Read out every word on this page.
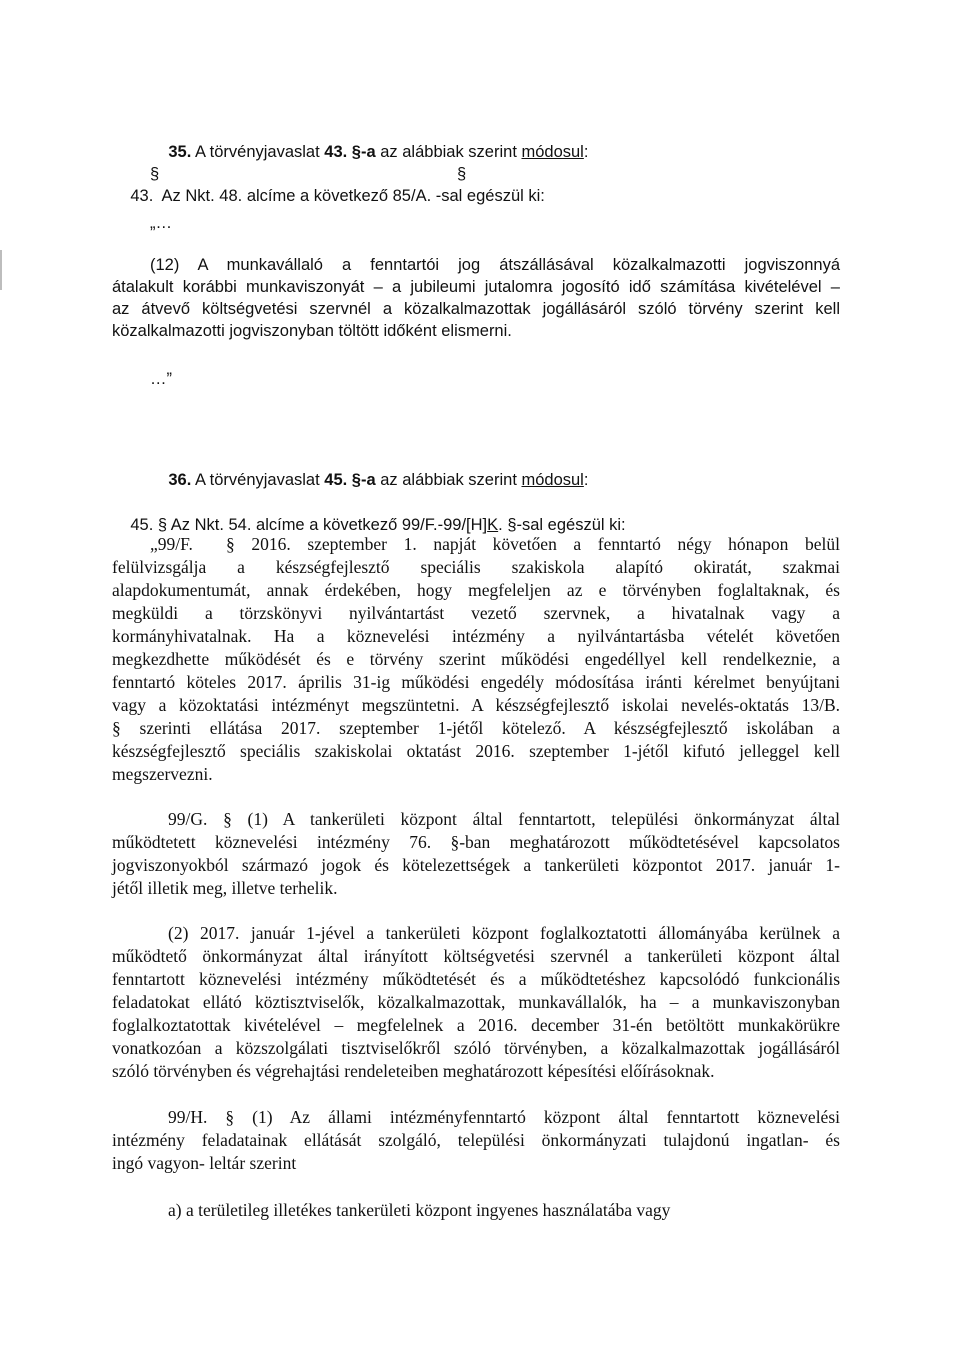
35. A törvényjavaslat 43. §-a az alábbiak szerint módosul:

43.  Az Nkt. 48. alcíme a következő 85/A. -sal egészül ki:

§	§
„…
(12) A munkavállaló a fenntartói jog átszállásával közalkalmazotti jogviszonnyá
átalakult korábbi munkaviszonyát – a jubileumi jutalomra jogosító idő számítása kivételével –
az átvevő költségvetési szervnél a közalkalmazottak jogállásáról szóló törvény szerint kell
közalkalmazotti jogviszonyban töltött időként elismerni.
…”

36. A törvényjavaslat 45. §-a az alábbiak szerint módosul:

45. § Az Nkt. 54. alcíme a következő 99/F.-99/[H]K. §-sal egészül ki:

„99/F.  § 2016. szeptember 1. napját követően a fenntartó négy hónapon belül
felülvizsgálja a készségfejlesztő speciális szakiskola alapító okiratát, szakmai
alapdokumentumát, annak érdekében, hogy megfeleljen az e törvényben foglaltaknak, és
megküldi a törzskönyvi nyilvántartást vezető szervnek, a hivatalnak vagy a
kormányhivatalnak. Ha a köznevelési intézmény a nyilvántartásba vételét követően
megkezdhette működését és e törvény szerint működési engedéllyel kell rendelkeznie, a
fenntartó köteles 2017. április 31-ig működési engedély módosítása iránti kérelmet benyújtani
vagy a közoktatási intézményt megszüntetni. A készségfejlesztő iskolai nevelés-oktatás 13/B.
§ szerinti ellátása 2017. szeptember 1-jétől kötelező. A készségfejlesztő iskolában a
készségfejlesztő speciális szakiskolai oktatást 2016. szeptember 1-jétől kifutó jelleggel kell
megszervezni.
99/G. § (1) A tankerületi központ által fenntartott, települési önkormányzat által
működtetett köznevelési intézmény 76. §-ban meghatározott működtetésével kapcsolatos
jogviszonyokból származó jogok és kötelezettségek a tankerületi központot 2017. január 1-
jétől illetik meg, illetve terhelik.
(2) 2017. január 1-jével a tankerületi központ foglalkoztatotti állományába kerülnek a
működtető önkormányzat által irányított költségvetési szervnél a tankerületi központ által
fenntartott köznevelési intézmény működtetését és a működtetéshez kapcsolódó funkcionális
feladatokat ellátó köztisztviselők, közalkalmazottak, munkavállalók, ha – a munkaviszonyban
foglalkoztatottak kivételével – megfelelnek a 2016. december 31-én betöltött munkakörükre
vonatkozóan a közszolgálati tisztviselőkről szóló törvényben, a közalkalmazottak jogállásáról
szóló törvényben és végrehajtási rendeleteiben meghatározott képesítési előírásoknak.
99/H. § (1) Az állami intézményfenntartó központ által fenntartott köznevelési
intézmény feladatainak ellátását szolgáló, települési önkormányzati tulajdonú ingatlan- és
ingó vagyon- leltár szerint
a) a területileg illetékes tankerületi központ ingyenes használatába vagy
